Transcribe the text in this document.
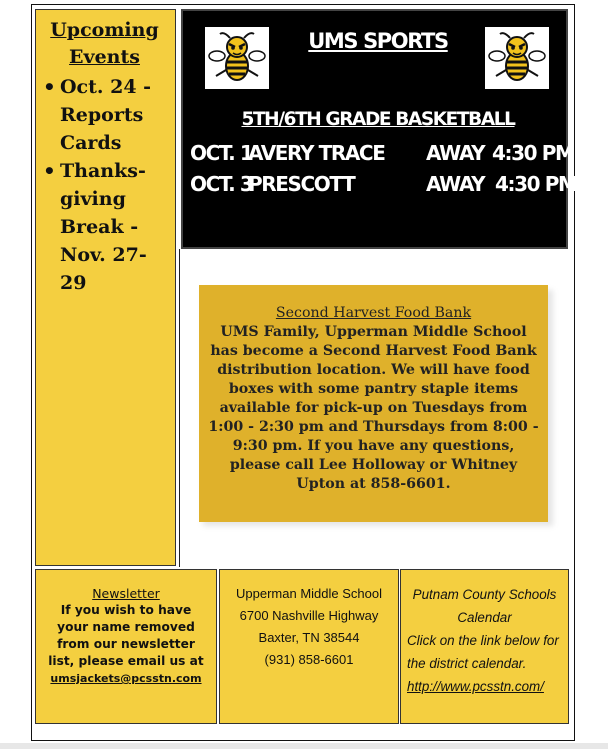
Upcoming Events
• Oct. 24 - Reports Cards
• Thanks-giving Break - Nov. 27-29
UMS SPORTS
5TH/6TH GRADE BASKETBALL
OCT. 1
AVERY TRACE AWAY 4:30 PM
OCT. 3
PRESCOTT	AWAY 4:30 PM
Second Harvest Food Bank
UMS Family, Upperman Middle School has become a Second Harvest Food Bank distribution location. We will have food boxes with some pantry staple items available for pick-up on Tuesdays from 1:00 - 2:30 pm and Thursdays from 8:00 - 9:30 pm. If you have any questions, please call Lee Holloway or Whitney Upton at 858-6601.
Newsletter
If you wish to have your name removed from our newsletter list, please email us at
umsjackets@pcsstn.com
Upperman Middle School
6700 Nashville Highway
Baxter, TN 38544
(931) 858-6601
Putnam County Schools Calendar
Click on the link below for the district calendar.
http://www.pcsstn.com/
